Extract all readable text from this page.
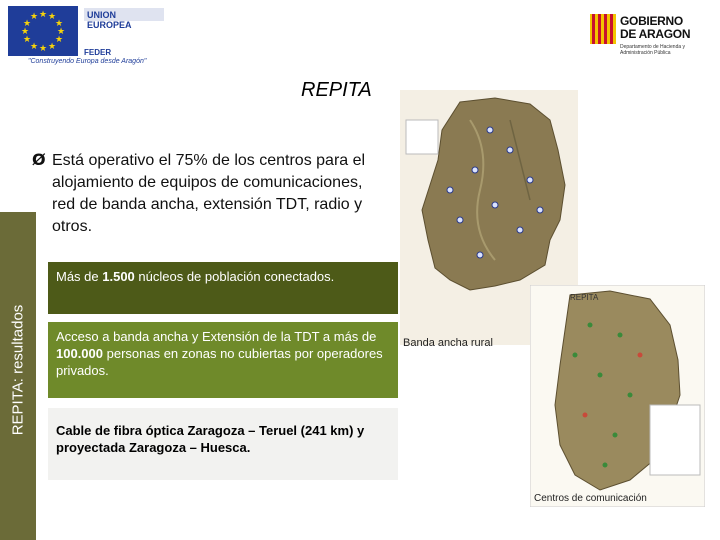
★ ★
★
★
★
★
★
★
★
★
★
★	UNION EUROPEA
FEDER
"Construyendo Europa desde Aragón"
GOBIERNO
DE ARAGON
Departamento de Hacienda y Administración Pública
REPITA: resultados
REPITA
Ø Está operativo el 75% de los centros para el alojamiento de equipos de comunicaciones, red de banda ancha, extensión TDT, radio y otros.
Más de 1.500 núcleos de población conectados.
Acceso a banda ancha y Extensión de la TDT a más de 100.000 personas en zonas no cubiertas por operadores privados.
Cable de fibra óptica Zaragoza – Teruel (241 km) y proyectada Zaragoza – Huesca.
Banda ancha rural
REPITA
Centros de comunicación
